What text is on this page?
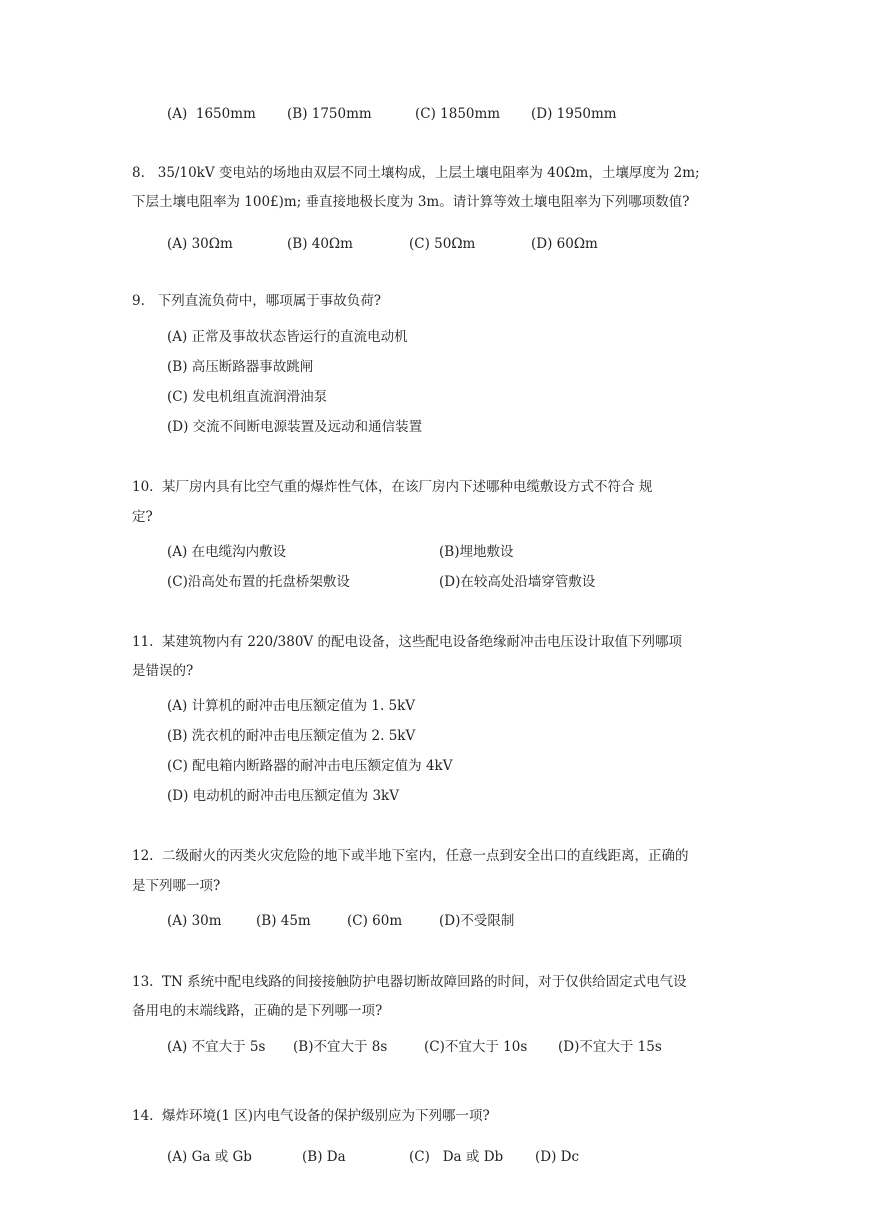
(A)  1650mm (B) 1750mm	(C) 1850mm (D) 1950mm
8.   35/10kV 变电站的场地由双层不同土壤构成，上层土壤电阻率为 40Ωm，土壤厚度为 2m;
下层土壤电阻率为 100£)m; 垂直接地极长度为 3m。请计算等效土壤电阻率为下列哪项数值?
(A) 30Ωm	(B) 40Ωm	(C) 50Ωm	(D) 60Ωm
9.   下列直流负荷中，哪项属于事故负荷?
(A) 正常及事故状态皆运行的直流电动机
(B) 高压断路器事故跳闸
(C) 发电机组直流润滑油泵
(D) 交流不间断电源装置及远动和通信装置
10.  某厂房内具有比空气重的爆炸性气体，在该厂房内下述哪种电缆敷设方式不符合 规
定?
(A) 在电缆沟内敷设	(B)埋地敷设
(C)沿高处布置的托盘桥架敷设	(D)在较高处沿墙穿管敷设
11.  某建筑物内有 220/380V 的配电设备，这些配电设备绝缘耐冲击电压设计取值下列哪项
是错误的?
(A) 计算机的耐冲击电压额定值为 1. 5kV
(B) 洗衣机的耐冲击电压额定值为 2. 5kV
(C) 配电箱内断路器的耐冲击电压额定值为 4kV
(D) 电动机的耐冲击电压额定值为 3kV
12.  二级耐火的丙类火灾危险的地下或半地下室内，任意一点到安全出口的直线距离，正确的
是下列哪一项?
(A) 30m	(B) 45m	(C) 60m	(D)不受限制
13.  TN 系统中配电线路的间接接触防护电器切断故障回路的时间，对于仅供给固定式电气设
备用电的末端线路，正确的是下列哪一项?
(A) 不宜大于 5s (B)不宜大于 8s	(C)不宜大于 10s (D)不宜大于 15s
14.  爆炸环境(1 区)内电气设备的保护级别应为下列哪一项?
(A) Ga 或 Gb	(B) Da	(C)   Da 或 Db (D) Dc
